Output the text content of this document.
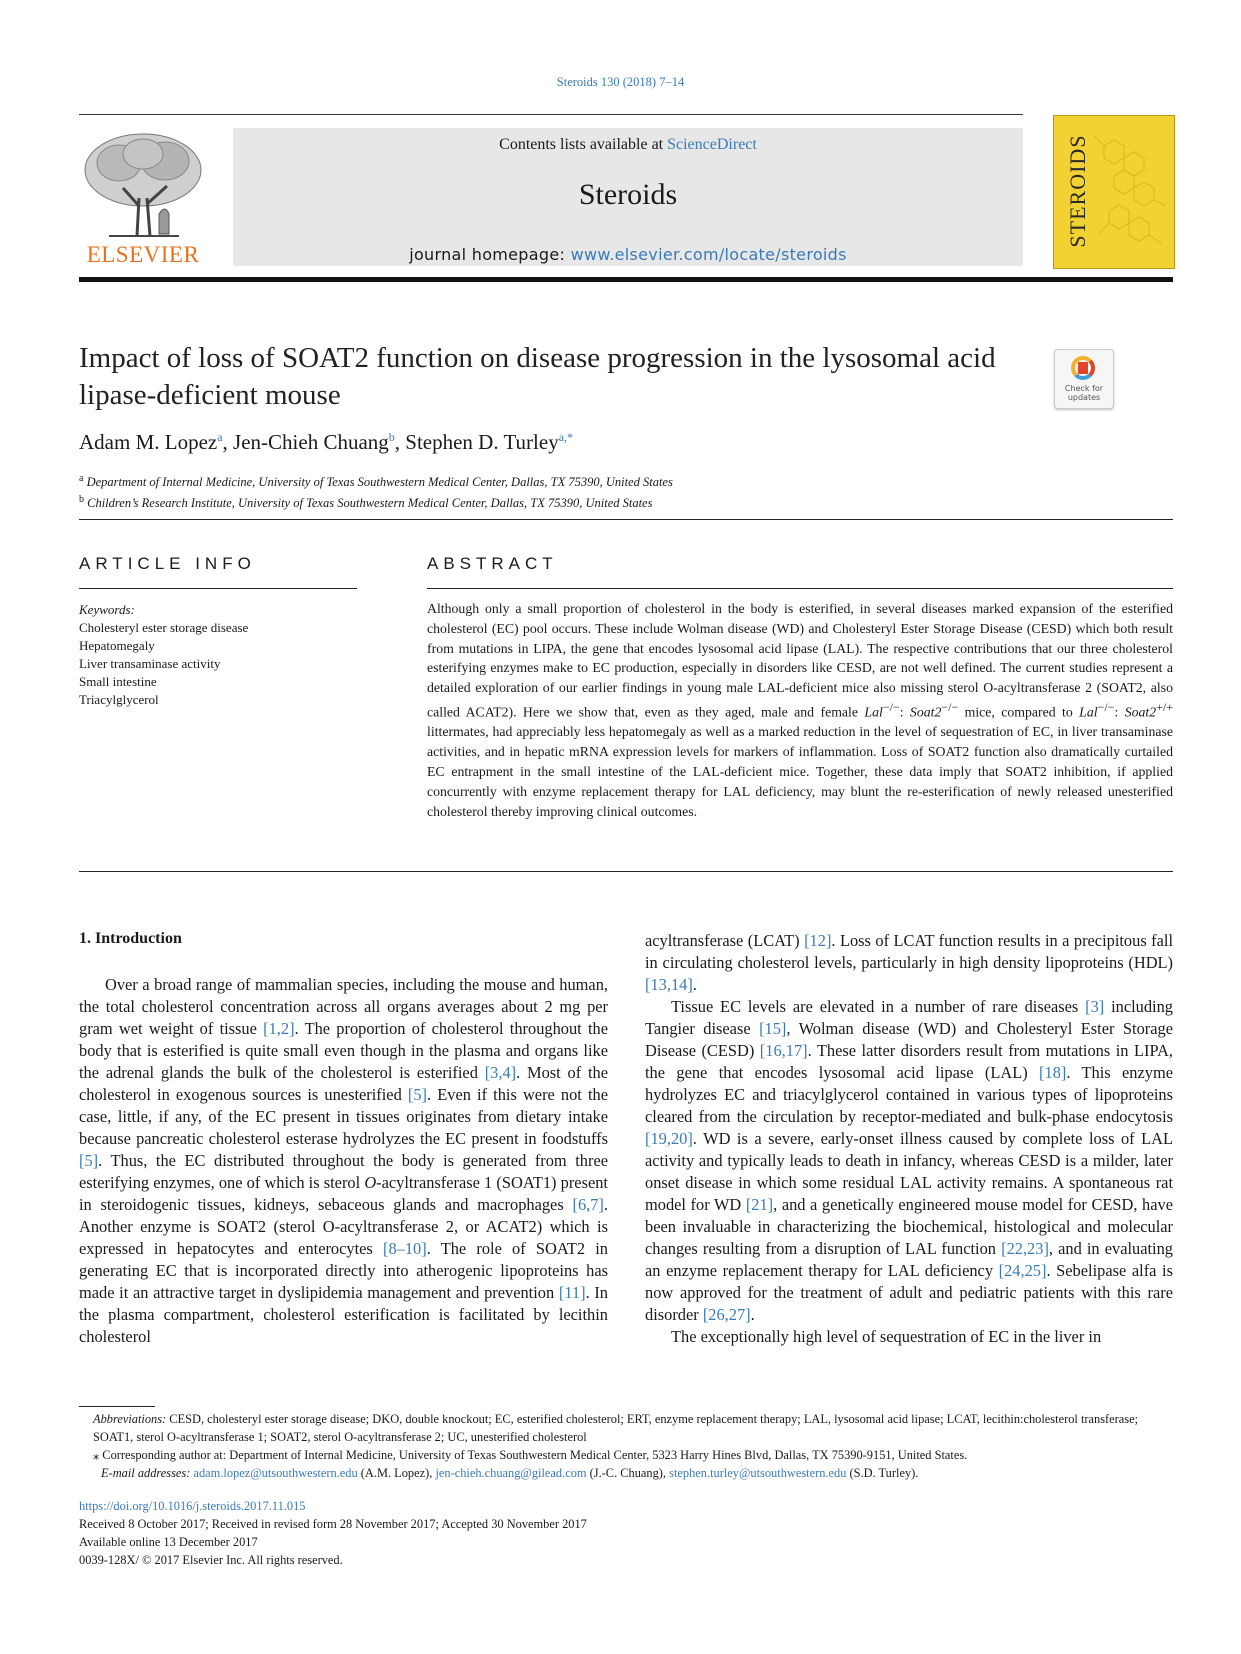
Steroids 130 (2018) 7–14
ELSEVIER
Contents lists available at ScienceDirect
Steroids
journal homepage: www.elsevier.com/locate/steroids
STEROIDS
Impact of loss of SOAT2 function on disease progression in the lysosomal acid lipase-deficient mouse	Check for
updates
Adam M. Lopez$^a$, Jen-Chieh Chuang$^b$, Stephen D. Turley$^{a,*}$
$^a$ Department of Internal Medicine, University of Texas Southwestern Medical Center, Dallas, TX 75390, United States
$^b$ Children’s Research Institute, University of Texas Southwestern Medical Center, Dallas, TX 75390, United States
ARTICLE INFO
Keywords:
Cholesteryl ester storage disease
Hepatomegaly
Liver transaminase activity
Small intestine
Triacylglycerol
ABSTRACT
Although only a small proportion of cholesterol in the body is esterified, in several diseases marked expansion of the esterified cholesterol (EC) pool occurs. These include Wolman disease (WD) and Cholesteryl Ester Storage Disease (CESD) which both result from mutations in LIPA, the gene that encodes lysosomal acid lipase (LAL). The respective contributions that our three cholesterol esterifying enzymes make to EC production, especially in disorders like CESD, are not well defined. The current studies represent a detailed exploration of our earlier findings in young male LAL-deficient mice also missing sterol O-acyltransferase 2 (SOAT2, also called ACAT2). Here we show that, even as they aged, male and female Lal−/−: Soat2−/− mice, compared to Lal−/−: Soat2+/+ littermates, had appreciably less hepatomegaly as well as a marked reduction in the level of sequestration of EC, in liver transaminase activities, and in hepatic mRNA expression levels for markers of inflammation. Loss of SOAT2 function also dramatically curtailed EC entrapment in the small intestine of the LAL-deficient mice. Together, these data imply that SOAT2 inhibition, if applied concurrently with enzyme replacement therapy for LAL deficiency, may blunt the re-esterification of newly released unesterified cholesterol thereby improving clinical outcomes.
1. Introduction

Over a broad range of mammalian species, including the mouse and human, the total cholesterol concentration across all organs averages about 2 mg per gram wet weight of tissue [1,2]. The proportion of cholesterol throughout the body that is esterified is quite small even though in the plasma and organs like the adrenal glands the bulk of the cholesterol is esterified [3,4]. Most of the cholesterol in exogenous sources is unesterified [5]. Even if this were not the case, little, if any, of the EC present in tissues originates from dietary intake because pancreatic cholesterol esterase hydrolyzes the EC present in foodstuffs [5]. Thus, the EC distributed throughout the body is generated from three esterifying enzymes, one of which is sterol O-acyltransferase 1 (SOAT1) present in steroidogenic tissues, kidneys, sebaceous glands and macrophages [6,7]. Another enzyme is SOAT2 (sterol O-acyltransferase 2, or ACAT2) which is expressed in hepatocytes and enterocytes [8–10]. The role of SOAT2 in generating EC that is incorporated directly into atherogenic lipoproteins has made it an attractive target in dyslipidemia management and prevention [11]. In the plasma compartment, cholesterol esterification is facilitated by lecithin cholesterol

acyltransferase (LCAT) [12]. Loss of LCAT function results in a precipitous fall in circulating cholesterol levels, particularly in high density lipoproteins (HDL) [13,14].

Tissue EC levels are elevated in a number of rare diseases [3] including Tangier disease [15], Wolman disease (WD) and Cholesteryl Ester Storage Disease (CESD) [16,17]. These latter disorders result from mutations in LIPA, the gene that encodes lysosomal acid lipase (LAL) [18]. This enzyme hydrolyzes EC and triacylglycerol contained in various types of lipoproteins cleared from the circulation by receptor-mediated and bulk-phase endocytosis [19,20]. WD is a severe, early-onset illness caused by complete loss of LAL activity and typically leads to death in infancy, whereas CESD is a milder, later onset disease in which some residual LAL activity remains. A spontaneous rat model for WD [21], and a genetically engineered mouse model for CESD, have been invaluable in characterizing the biochemical, histological and molecular changes resulting from a disruption of LAL function [22,23], and in evaluating an enzyme replacement therapy for LAL deficiency [24,25]. Sebelipase alfa is now approved for the treatment of adult and pediatric patients with this rare disorder [26,27].

The exceptionally high level of sequestration of EC in the liver in

Abbreviations: CESD, cholesteryl ester storage disease; DKO, double knockout; EC, esterified cholesterol; ERT, enzyme replacement therapy; LAL, lysosomal acid lipase; LCAT, lecithin:cholesterol transferase; SOAT1, sterol O-acyltransferase 1; SOAT2, sterol O-acyltransferase 2; UC, unesterified cholesterol
⁎ Corresponding author at: Department of Internal Medicine, University of Texas Southwestern Medical Center, 5323 Harry Hines Blvd, Dallas, TX 75390-9151, United States.
E-mail addresses: adam.lopez@utsouthwestern.edu (A.M. Lopez), jen-chieh.chuang@gilead.com (J.-C. Chuang), stephen.turley@utsouthwestern.edu (S.D. Turley).
https://doi.org/10.1016/j.steroids.2017.11.015
Received 8 October 2017; Received in revised form 28 November 2017; Accepted 30 November 2017
Available online 13 December 2017
0039-128X/ © 2017 Elsevier Inc. All rights reserved.
